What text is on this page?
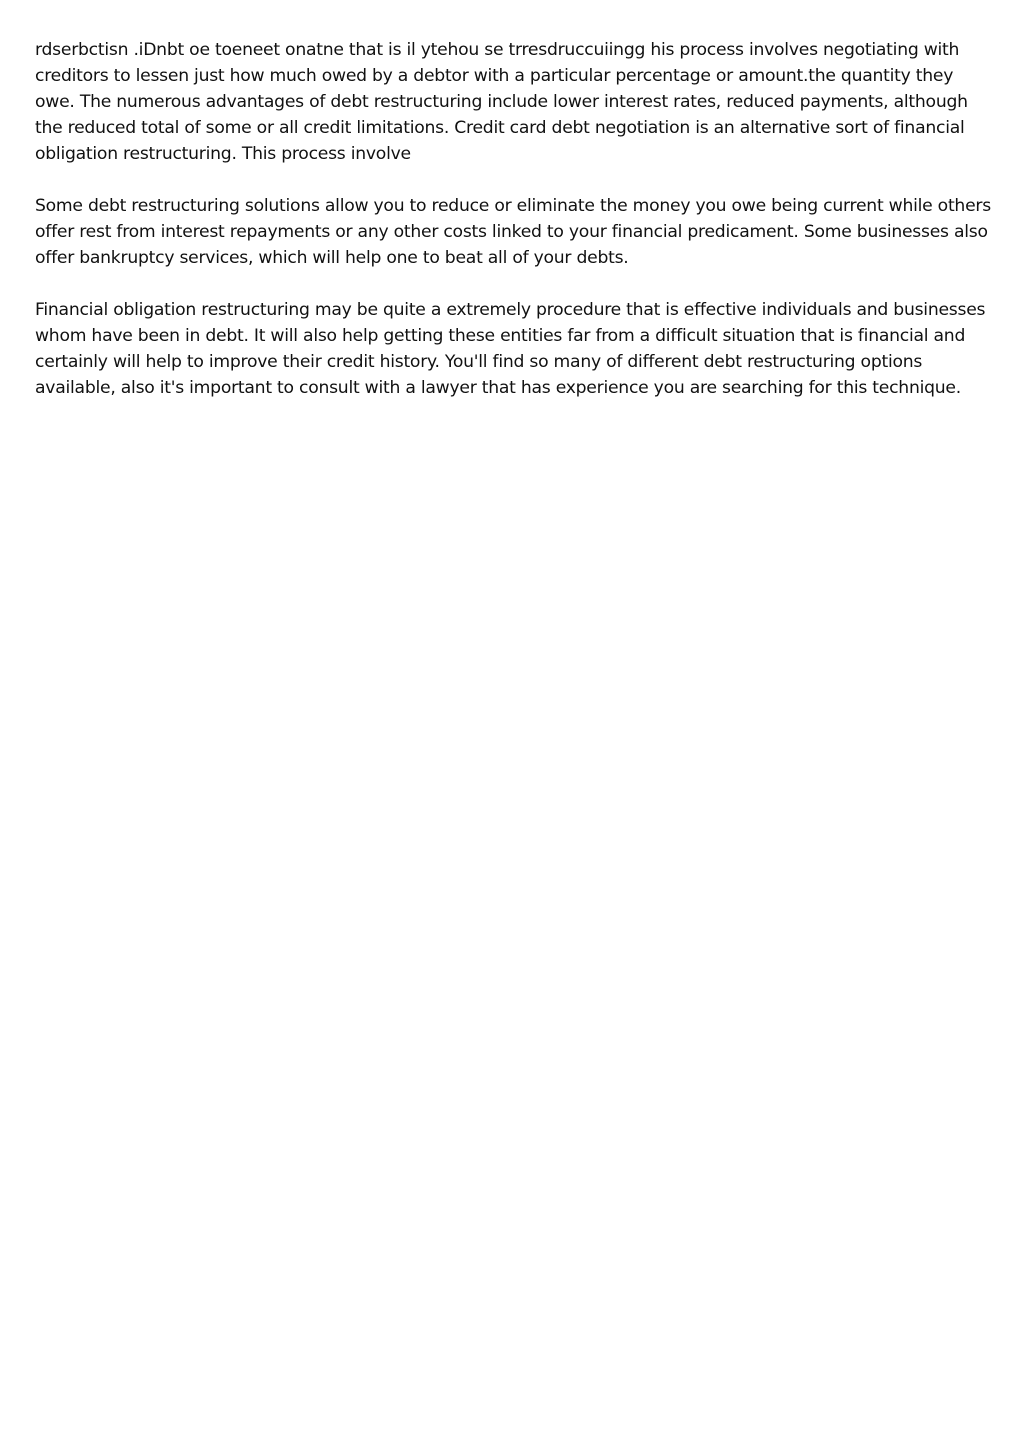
rdserbctisn .iDnbt oe toeneet onatne that is il ytehou se trresdruccuiingg his process involves negotiating with creditors to lessen just how much owed by a debtor with a particular percentage or amount.the quantity they owe. The numerous advantages of debt restructuring include lower interest rates, reduced payments, although the reduced total of some or all credit limitations. Credit card debt negotiation is an alternative sort of financial obligation restructuring. This process involve

Some debt restructuring solutions allow you to reduce or eliminate the money you owe being current while others offer rest from interest repayments or any other costs linked to your financial predicament. Some businesses also offer bankruptcy services, which will help one to beat all of your debts.

Financial obligation restructuring may be quite a extremely procedure that is effective individuals and businesses whom have been in debt. It will also help getting these entities far from a difficult situation that is financial and certainly will help to improve their credit history. You'll find so many of different debt restructuring options available, also it's important to consult with a lawyer that has experience you are searching for this technique.
